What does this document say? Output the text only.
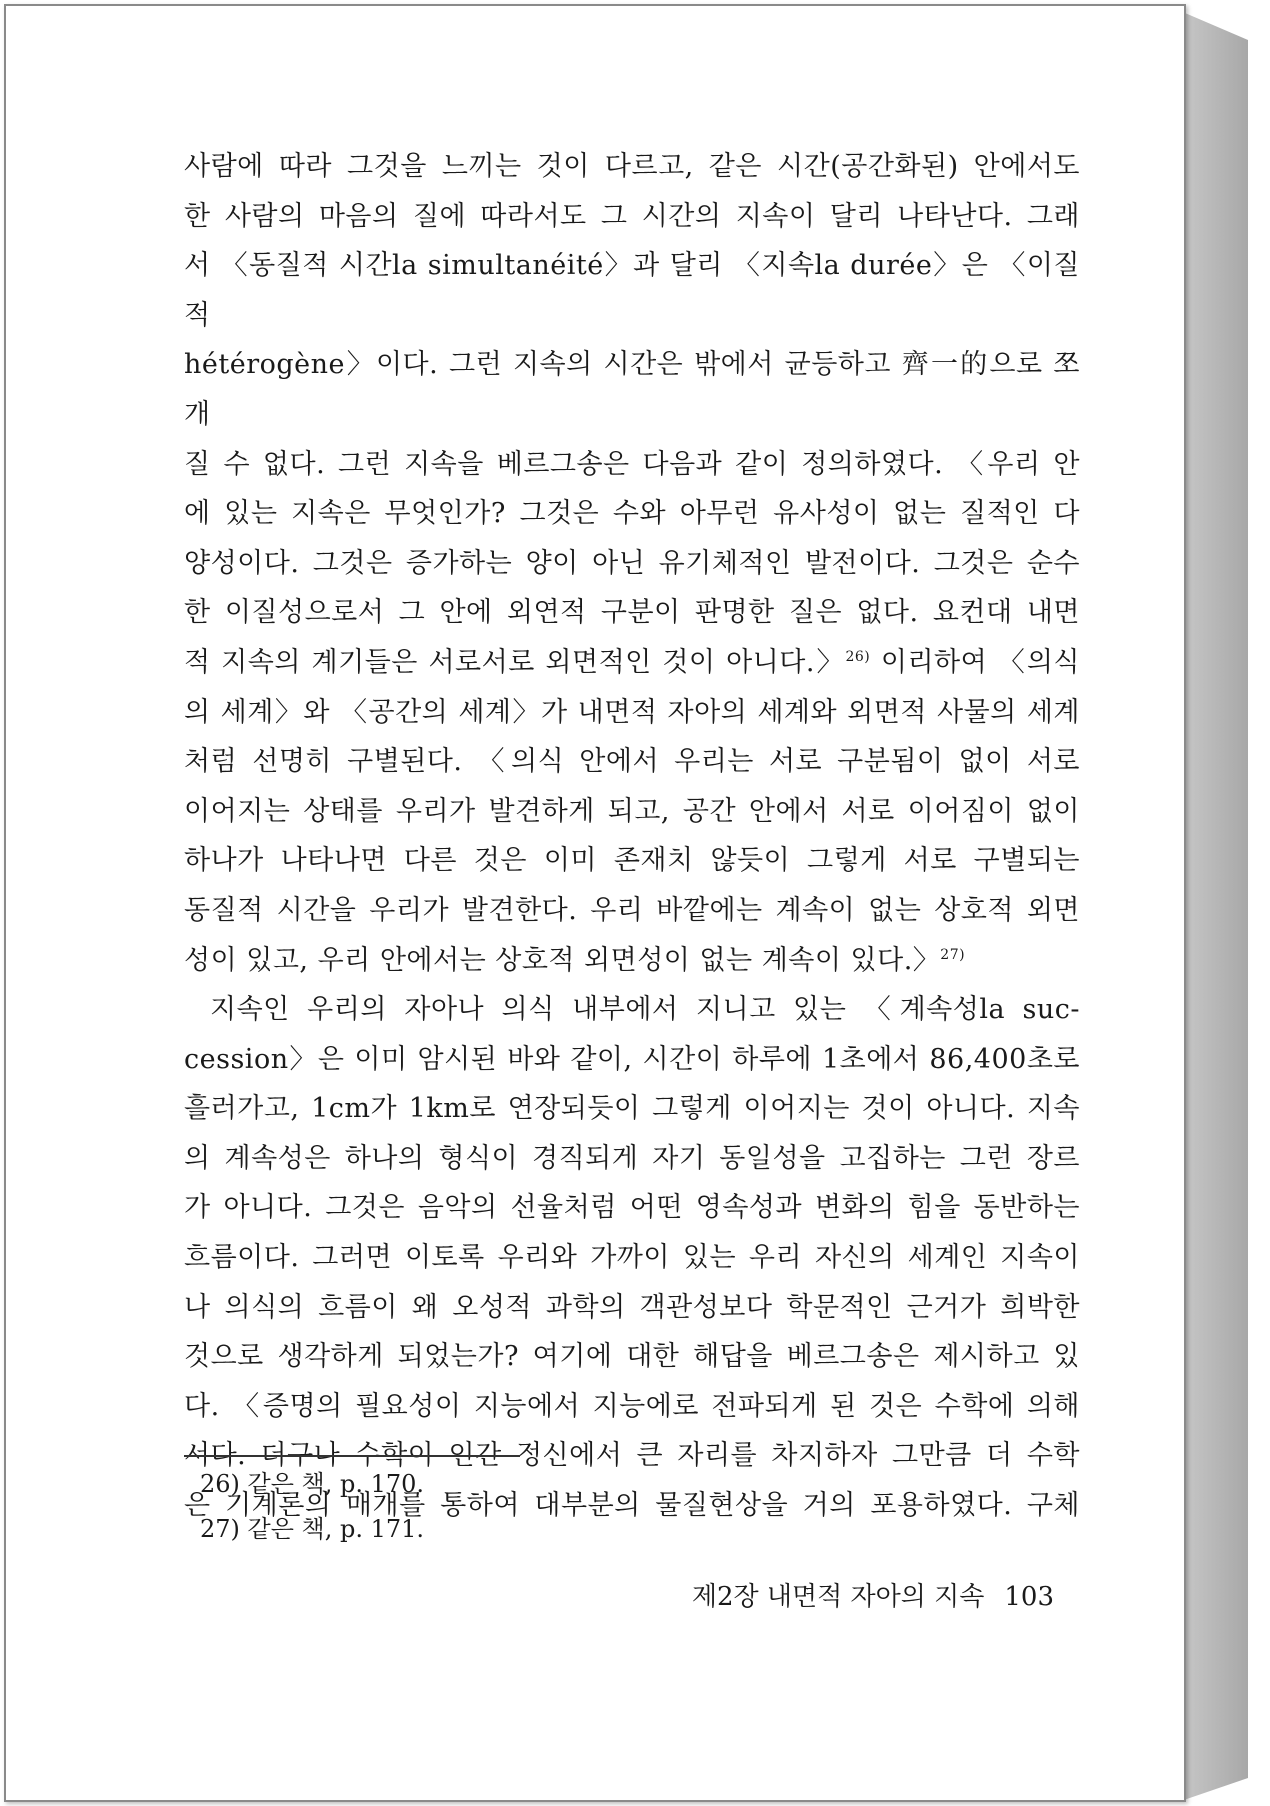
사람에 따라 그것을 느끼는 것이 다르고, 같은 시간(공간화된) 안에서도

한 사람의 마음의 질에 따라서도 그 시간의 지속이 달리 나타난다. 그래

서 〈동질적 시간la simultanéité〉과 달리 〈지속la durée〉은 〈이질적

hétérogène〉이다. 그런 지속의 시간은 밖에서 균등하고 齊一的으로 쪼개

질 수 없다. 그런 지속을 베르그송은 다음과 같이 정의하였다. 〈우리 안

에 있는 지속은 무엇인가? 그것은 수와 아무런 유사성이 없는 질적인 다

양성이다. 그것은 증가하는 양이 아닌 유기체적인 발전이다. 그것은 순수

한 이질성으로서 그 안에 외연적 구분이 판명한 질은 없다. 요컨대 내면

적 지속의 계기들은 서로서로 외면적인 것이 아니다.〉$^{26)}$ 이리하여 〈의식

의 세계〉와 〈공간의 세계〉가 내면적 자아의 세계와 외면적 사물의 세계

처럼 선명히 구별된다. 〈의식 안에서 우리는 서로 구분됨이 없이 서로

이어지는 상태를 우리가 발견하게 되고, 공간 안에서 서로 이어짐이 없이

하나가 나타나면 다른 것은 이미 존재치 않듯이 그렇게 서로 구별되는

동질적 시간을 우리가 발견한다. 우리 바깥에는 계속이 없는 상호적 외면

성이 있고, 우리 안에서는 상호적 외면성이 없는 계속이 있다.〉$^{27)}$

지속인 우리의 자아나 의식 내부에서 지니고 있는 〈계속성la suc-

cession〉은 이미 암시된 바와 같이, 시간이 하루에 1초에서 86,400초로

흘러가고, 1cm가 1km로 연장되듯이 그렇게 이어지는 것이 아니다. 지속

의 계속성은 하나의 형식이 경직되게 자기 동일성을 고집하는 그런 장르

가 아니다. 그것은 음악의 선율처럼 어떤 영속성과 변화의 힘을 동반하는

흐름이다. 그러면 이토록 우리와 가까이 있는 우리 자신의 세계인 지속이

나 의식의 흐름이 왜 오성적 과학의 객관성보다 학문적인 근거가 희박한

것으로 생각하게 되었는가? 여기에 대한 해답을 베르그송은 제시하고 있

다. 〈증명의 필요성이 지능에서 지능에로 전파되게 된 것은 수학에 의해

서다. 더구나 수학이 인간 정신에서 큰 자리를 차지하자 그만큼 더 수학

은 기계론의 매개를 통하여 대부분의 물질현상을 거의 포용하였다. 구체

26) 같은 책, p. 170.
27) 같은 책, p. 171.
제2장 내면적 자아의 지속 103
